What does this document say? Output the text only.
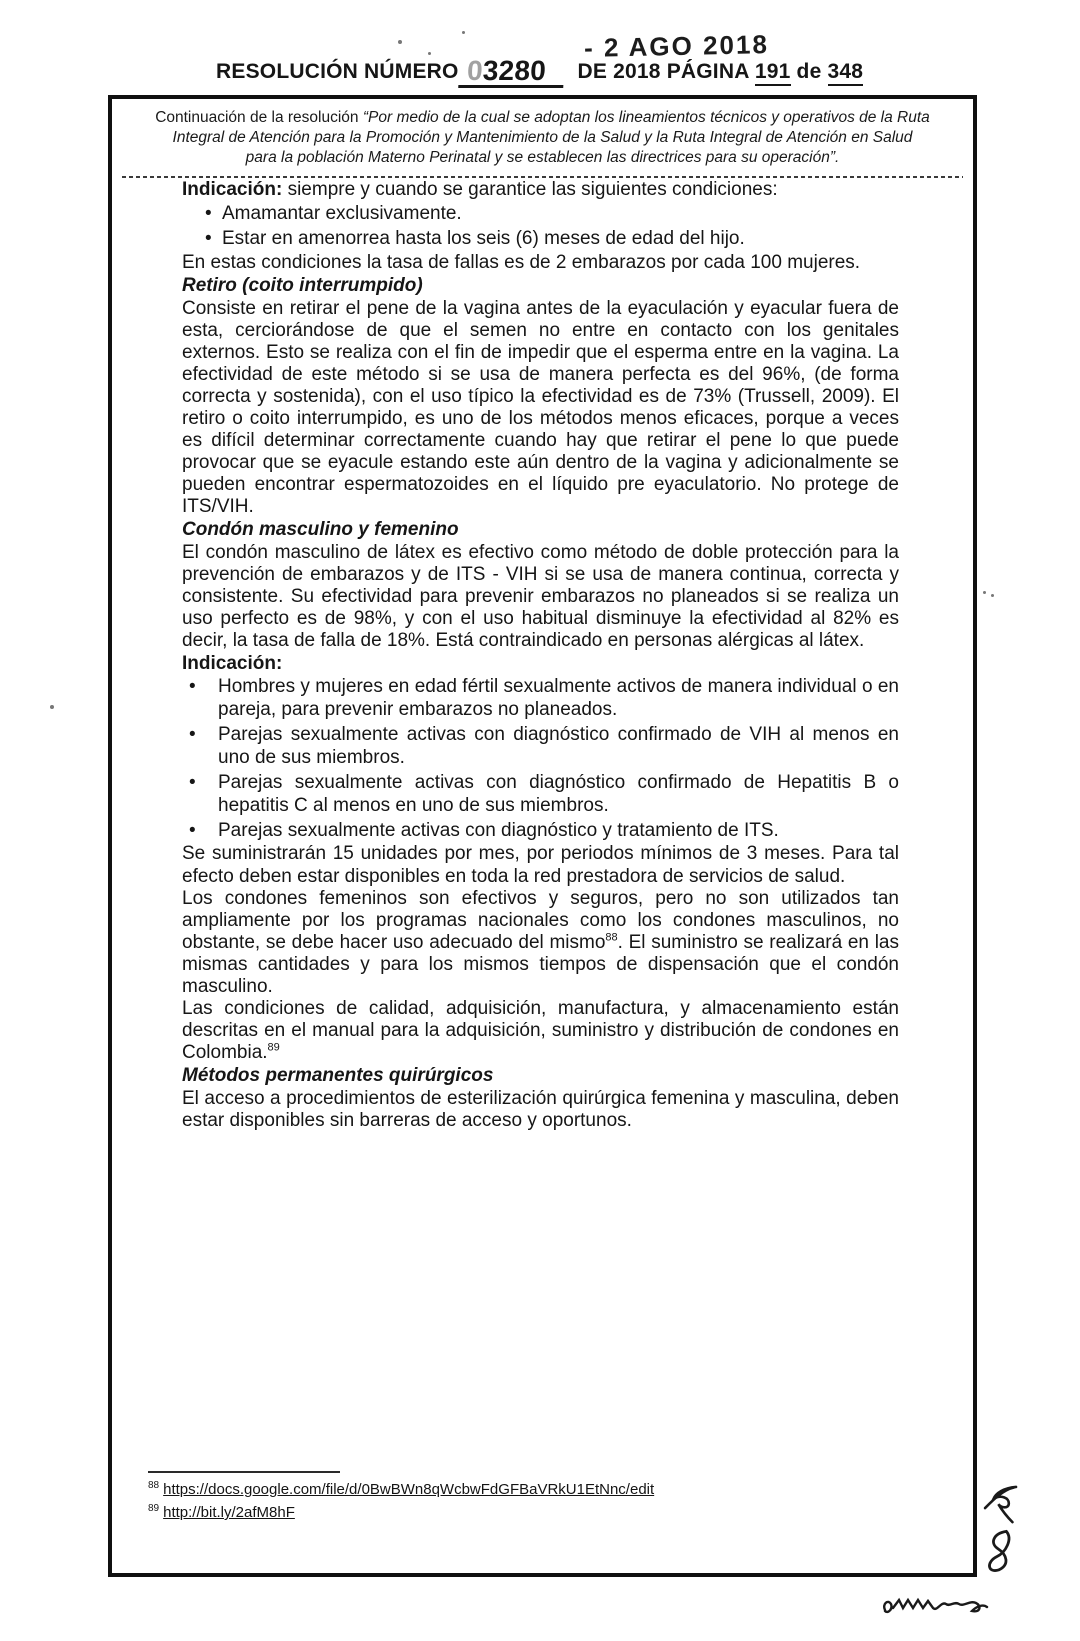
- 2 AGO 2018
RESOLUCIÓN NÚMERO 03280 DE 2018 PÁGINA 191 de 348
Continuación de la resolución “Por medio de la cual se adoptan los lineamientos técnicos y operativos de la Ruta Integral de Atención para la Promoción y Mantenimiento de la Salud y la Ruta Integral de Atención en Salud para la población Materno Perinatal y se establecen las directrices para su operación”.

Indicación: siempre y cuando se garantice las siguientes condiciones:

• Amamantar exclusivamente.
• Estar en amenorrea hasta los seis (6) meses de edad del hijo.

En estas condiciones la tasa de fallas es de 2 embarazos por cada 100 mujeres.

Retiro (coito interrumpido)

Consiste en retirar el pene de la vagina antes de la eyaculación y eyacular fuera de esta, cerciorándose de que el semen no entre en contacto con los genitales externos. Esto se realiza con el fin de impedir que el esperma entre en la vagina. La efectividad de este método si se usa de manera perfecta es del 96%, (de forma correcta y sostenida), con el uso típico la efectividad es de 73% (Trussell, 2009). El retiro o coito interrumpido, es uno de los métodos menos eficaces, porque a veces es difícil determinar correctamente cuando hay que retirar el pene lo que puede provocar que se eyacule estando este aún dentro de la vagina y adicionalmente se pueden encontrar espermatozoides en el líquido pre eyaculatorio. No protege de ITS/VIH.

Condón masculino y femenino

El condón masculino de látex es efectivo como método de doble protección para la prevención de embarazos y de ITS - VIH si se usa de manera continua, correcta y consistente. Su efectividad para prevenir embarazos no planeados si se realiza un uso perfecto es de 98%, y con el uso habitual disminuye la efectividad al 82% es decir, la tasa de falla de 18%. Está contraindicado en personas alérgicas al látex.

Indicación:

• Hombres y mujeres en edad fértil sexualmente activos de manera individual o en pareja, para prevenir embarazos no planeados.
• Parejas sexualmente activas con diagnóstico confirmado de VIH al menos en uno de sus miembros.
• Parejas sexualmente activas con diagnóstico confirmado de Hepatitis B o hepatitis C al menos en uno de sus miembros.
• Parejas sexualmente activas con diagnóstico y tratamiento de ITS.

Se suministrarán 15 unidades por mes, por periodos mínimos de 3 meses. Para tal efecto deben estar disponibles en toda la red prestadora de servicios de salud.

Los condones femeninos son efectivos y seguros, pero no son utilizados tan ampliamente por los programas nacionales como los condones masculinos, no obstante, se debe hacer uso adecuado del mismo$^{88}$. El suministro se realizará en las mismas cantidades y para los mismos tiempos de dispensación que el condón masculino.

Las condiciones de calidad, adquisición, manufactura, y almacenamiento están descritas en el manual para la adquisición, suministro y distribución de condones en Colombia.$^{89}$

Métodos permanentes quirúrgicos

El acceso a procedimientos de esterilización quirúrgica femenina y masculina, deben estar disponibles sin barreras de acceso y oportunos.

$^{88}$ https://docs.google.com/file/d/0BwBWn8qWcbwFdGFBaVRkU1EtNnc/edit
$^{89}$ http://bit.ly/2afM8hF
